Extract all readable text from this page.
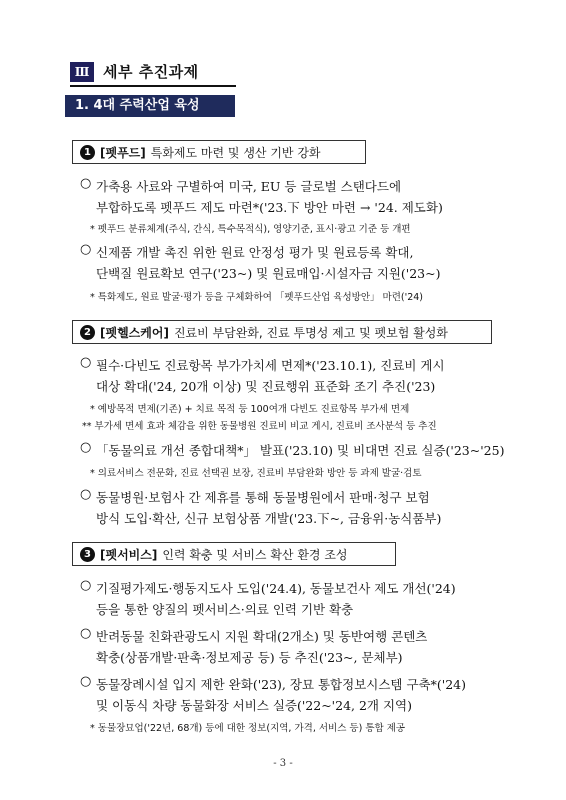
Ⅲ 세부 추진과제
1. 4대 주력산업 육성
1 [펫푸드] 특화제도 마련 및 생산 기반 강화
○ 가축용 사료와 구별하여 미국, EU 등 글로벌 스탠다드에
부합하도록 펫푸드 제도 마련*('23.下 방안 마련 → '24. 제도화)
* 펫푸드 분류체계(주식, 간식, 특수목적식), 영양기준, 표시·광고 기준 등 개편
○ 신제품 개발 촉진 위한 원료 안정성 평가 및 원료등록 확대,
단백질 원료확보 연구('23~) 및 원료매입·시설자금 지원('23~)
* 특화제도, 원료 발굴·평가 등을 구체화하여 「펫푸드산업 육성방안」 마련('24)
2 [펫헬스케어] 진료비 부담완화, 진료 투명성 제고 및 펫보험 활성화
○ 필수·다빈도 진료항목 부가가치세 면제*('23.10.1), 진료비 게시
대상 확대('24, 20개 이상) 및 진료행위 표준화 조기 추진('23)
* 예방목적 면제(기존) + 치료 목적 등 100여개 다빈도 진료항목 부가세 면제
** 부가세 면세 효과 체감을 위한 동물병원 진료비 비교 게시, 진료비 조사분석 등 추진
○ 「동물의료 개선 종합대책*」 발표('23.10) 및 비대면 진료 실증('23~'25)
* 의료서비스 전문화, 진료 선택권 보장, 진료비 부담완화 방안 등 과제 발굴·검토
○ 동물병원·보험사 간 제휴를 통해 동물병원에서 판매·청구 보험
방식 도입·확산, 신규 보험상품 개발('23.下~, 금융위·농식품부)
3 [펫서비스] 인력 확충 및 서비스 확산 환경 조성
○ 기질평가제도·행동지도사 도입('24.4), 동물보건사 제도 개선('24)
등을 통한 양질의 펫서비스·의료 인력 기반 확충
○ 반려동물 친화관광도시 지원 확대(2개소) 및 동반여행 콘텐츠
확충(상품개발·판촉·정보제공 등) 등 추진('23~, 문체부)
○ 동물장례시설 입지 제한 완화('23), 장묘 통합정보시스템 구축*('24)
및 이동식 차량 동물화장 서비스 실증('22~'24, 2개 지역)
* 동물장묘업('22년, 68개) 등에 대한 정보(지역, 가격, 서비스 등) 통합 제공
- 3 -
